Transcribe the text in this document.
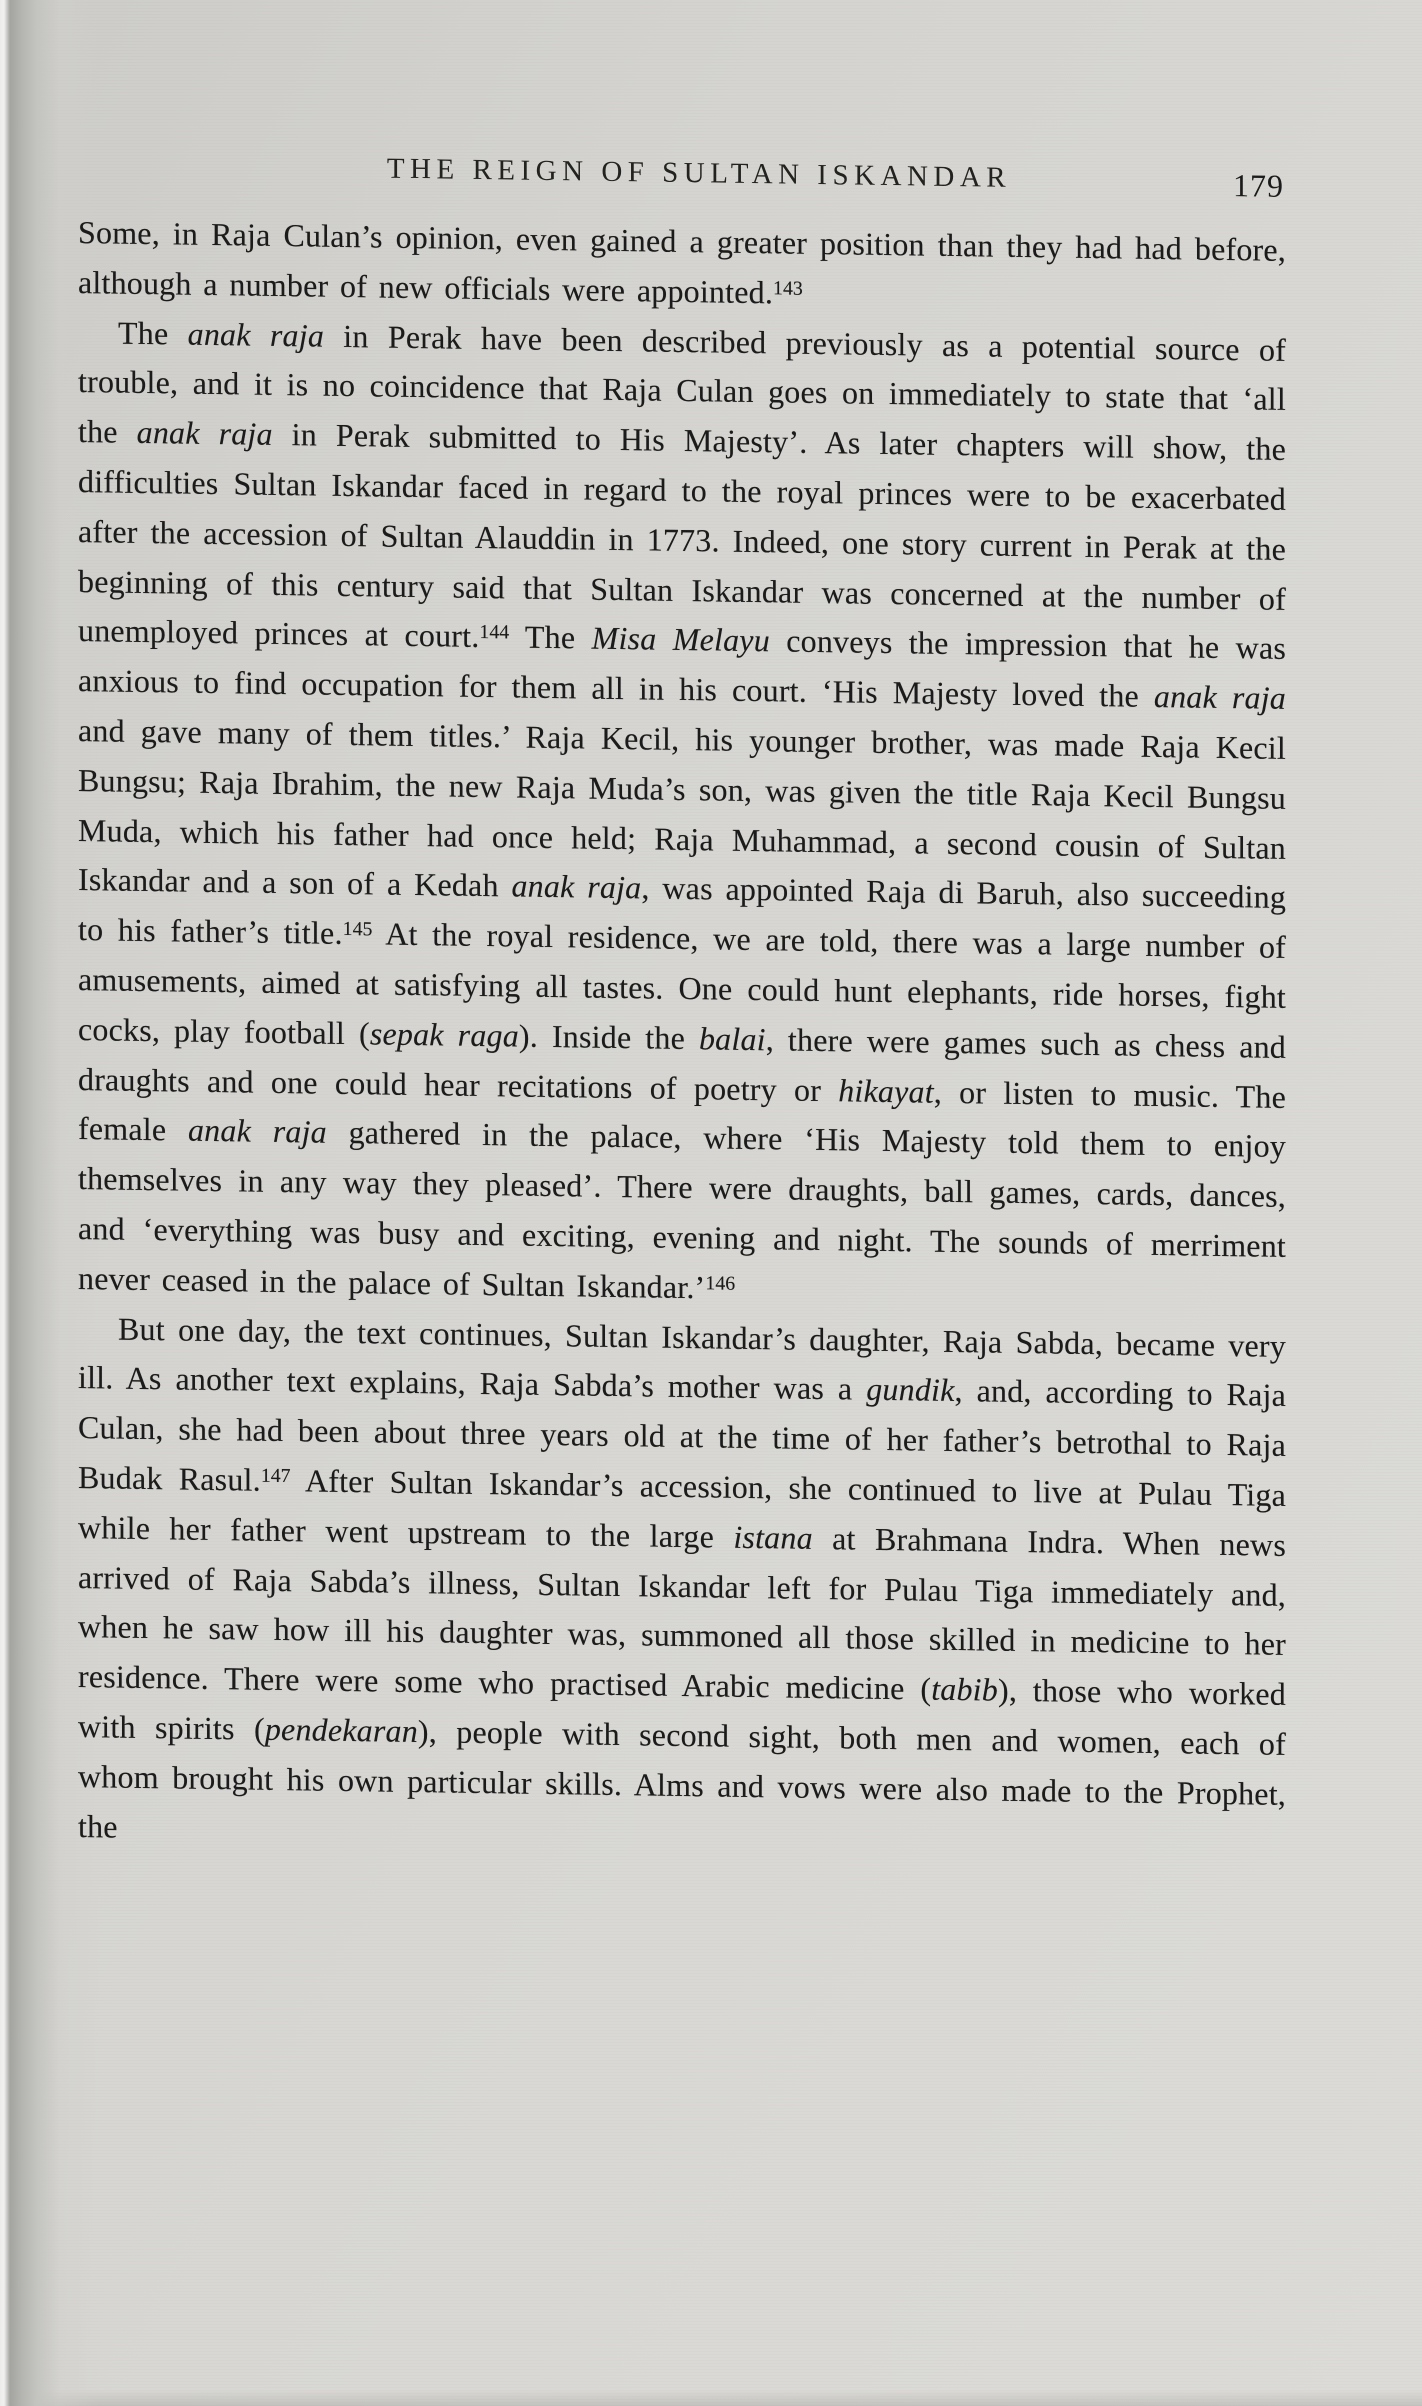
THE REIGN OF SULTAN ISKANDAR	179

Some, in Raja Culan’s opinion, even gained a greater position than they had had before, although a number of new officials were appointed.$^{143}$

The anak raja in Perak have been described previously as a potential source of trouble, and it is no coincidence that Raja Culan goes on immediately to state that ‘all the anak raja in Perak submitted to His Majesty’. As later chapters will show, the difficulties Sultan Iskandar faced in regard to the royal princes were to be exacerbated after the accession of Sultan Alauddin in 1773. Indeed, one story current in Perak at the beginning of this century said that Sultan Iskandar was concerned at the number of unemployed princes at court.$^{144}$ The Misa Melayu conveys the impression that he was anxious to find occupation for them all in his court. ‘His Majesty loved the anak raja and gave many of them titles.’ Raja Kecil, his younger brother, was made Raja Kecil Bungsu; Raja Ibrahim, the new Raja Muda’s son, was given the title Raja Kecil Bungsu Muda, which his father had once held; Raja Muhammad, a second cousin of Sultan Iskandar and a son of a Kedah anak raja, was appointed Raja di Baruh, also succeeding to his father’s title.$^{145}$ At the royal residence, we are told, there was a large number of amusements, aimed at satisfying all tastes. One could hunt elephants, ride horses, fight cocks, play football (sepak raga). Inside the balai, there were games such as chess and draughts and one could hear recitations of poetry or hikayat, or listen to music. The female anak raja gathered in the palace, where ‘His Majesty told them to enjoy themselves in any way they pleased’. There were draughts, ball games, cards, dances, and ‘everything was busy and exciting, evening and night. The sounds of merriment never ceased in the palace of Sultan Iskandar.’$^{146}$

But one day, the text continues, Sultan Iskandar’s daughter, Raja Sabda, became very ill. As another text explains, Raja Sabda’s mother was a gundik, and, according to Raja Culan, she had been about three years old at the time of her father’s betrothal to Raja Budak Rasul.$^{147}$ After Sultan Iskandar’s accession, she continued to live at Pulau Tiga while her father went upstream to the large istana at Brahmana Indra. When news arrived of Raja Sabda’s illness, Sultan Iskandar left for Pulau Tiga immediately and, when he saw how ill his daughter was, summoned all those skilled in medicine to her residence. There were some who practised Arabic medicine (tabib), those who worked with spirits (pendekaran), people with second sight, both men and women, each of whom brought his own particular skills. Alms and vows were also made to the Prophet, the
